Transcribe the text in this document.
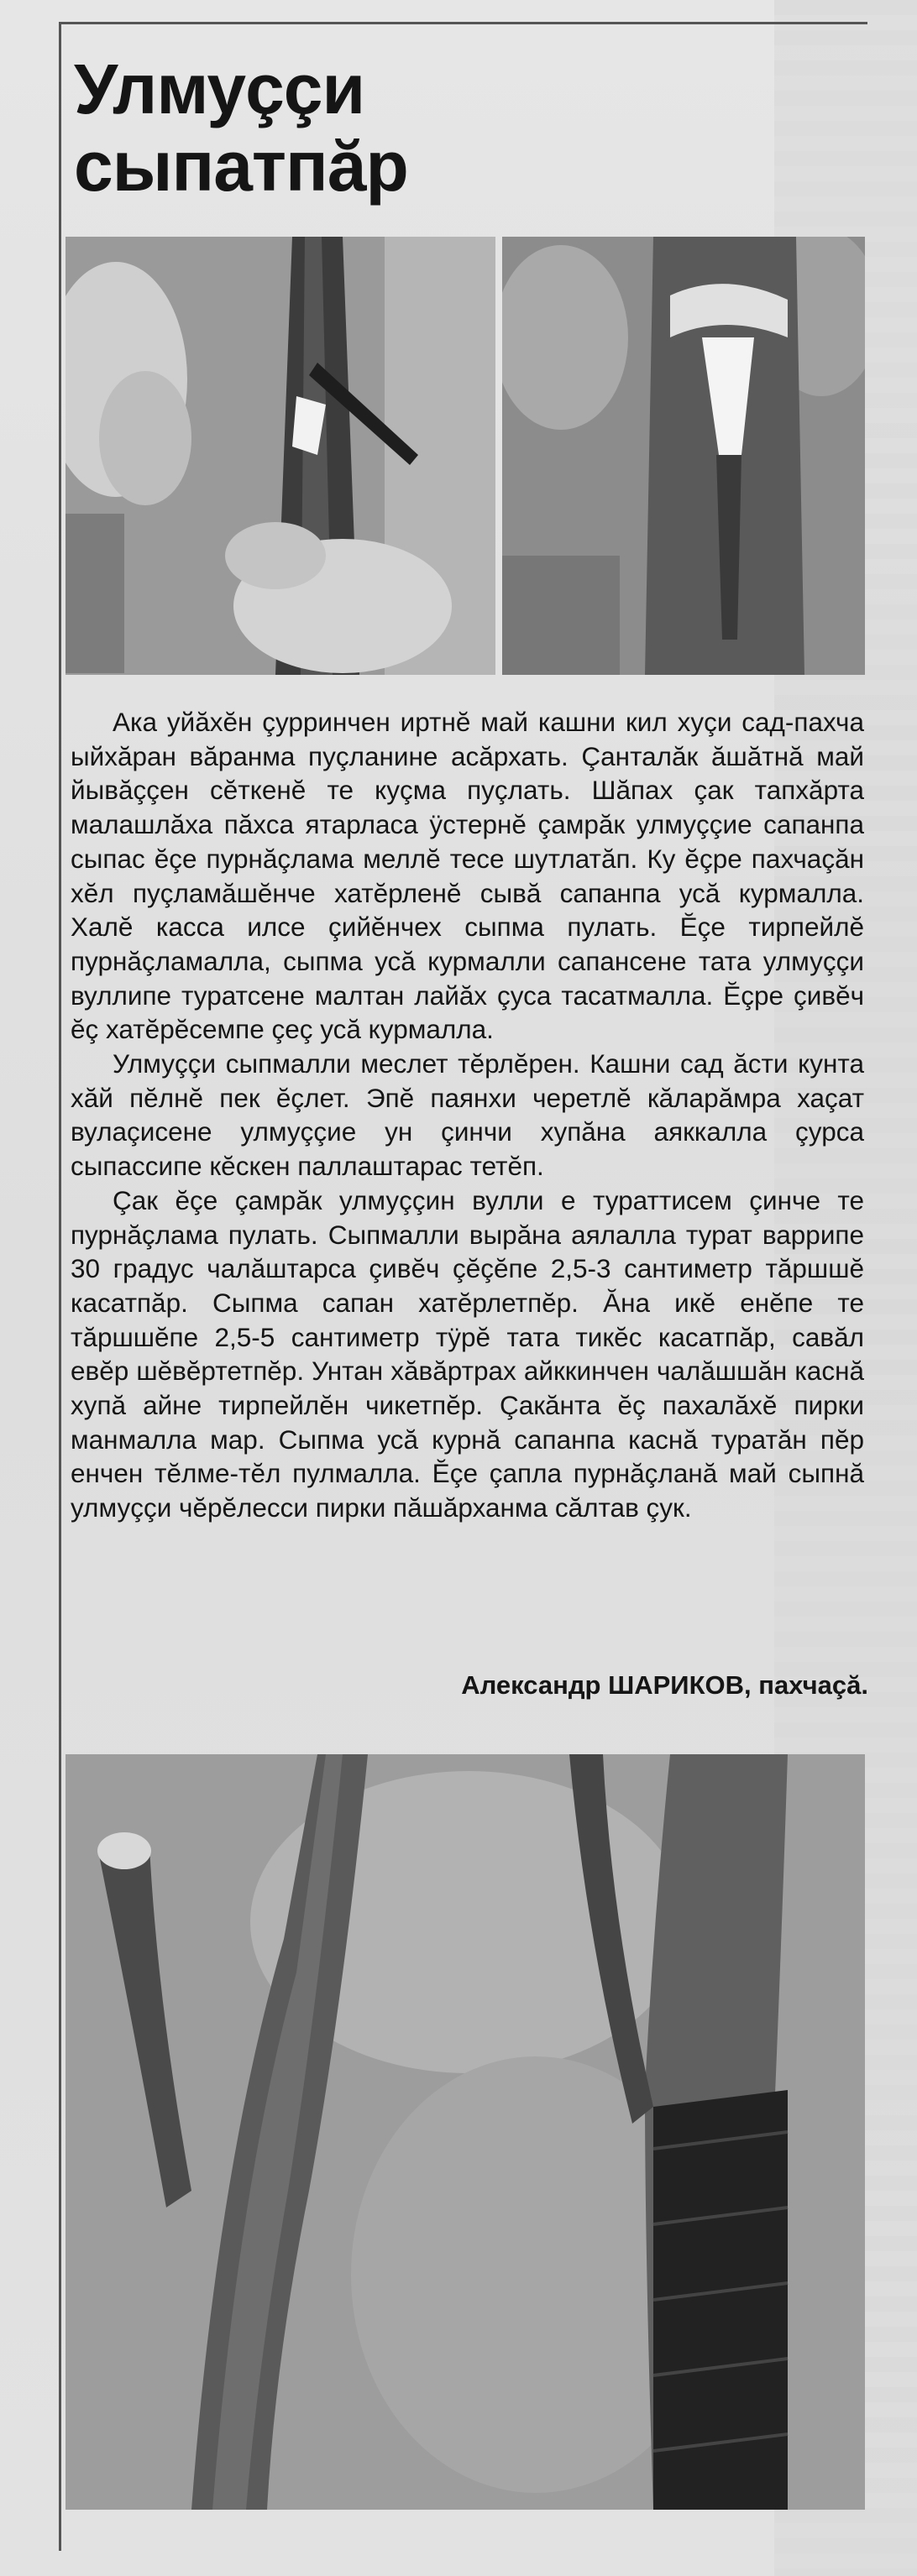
Улмуççи
сыпатпăр

Ака уйăхĕн çурринчен иртнĕ май кашни кил хуçи сад-пахча ыйхăран вăранма пуçланине асăрхать. Çанталăк ăшăтнă май йывăççен сĕткенĕ те куçма пуçлать. Шăпах çак тапхăрта малашлăха пăхса ятарласа ÿстернĕ çамрăк улмуççие сапанпа сыпас ĕçе пурнăçлама меллĕ тесе шутлатăп. Ку ĕçре пахчаçăн хĕл пуçламăшĕнче хатĕрленĕ сывă сапанпа усă курмалла. Халĕ касса илсе çийĕнчех сыпма пулать. Ĕçе тирпейлĕ пурнăçламалла, сыпма усă курмалли сапансене тата улмуççи вуллипе туратсене малтан лайăх çуса тасатмалла. Ĕçре çивĕч ĕç хатĕрĕсемпе çеç усă курмалла.

Улмуççи сыпмалли меслет тĕрлĕрен. Кашни сад ăсти кунта хăй пĕлнĕ пек ĕçлет. Эпĕ паянхи черетлĕ кăларăмра хаçат вулаçисене улмуççие ун çинчи хупăна аяккалла çурса сыпассипе кĕскен паллаштарас тетĕп.

Çак ĕçе çамрăк улмуççин вулли е тураттисем çинче те пурнăçлама пулать. Сыпмалли вырăна аялалла турат варрипе 30 градус чалăштарса çивĕч çĕçĕпе 2,5-3 сантиметр тăршшĕ касатпăр. Сыпма сапан хатĕрлетпĕр. Ăна икĕ енĕпе те тăршшĕпе 2,5-5 сантиметр тÿрĕ тата тикĕс касатпăр, савăл евĕр шĕвĕртетпĕр. Унтан хăвăртрах айккинчен чалăшшăн каснă хупă айне тирпейлĕн чикетпĕр. Çакăнта ĕç пахалăхĕ пирки манмалла мар. Сыпма усă курнă сапанпа каснă туратăн пĕр енчен тĕлме-тĕл пулмалла. Ĕçе çапла пурнăçланă май сыпнă улмуççи чĕрĕлесси пирки пăшăрханма сăлтав çук.

Александр ШАРИКОВ, пахчаçă.
